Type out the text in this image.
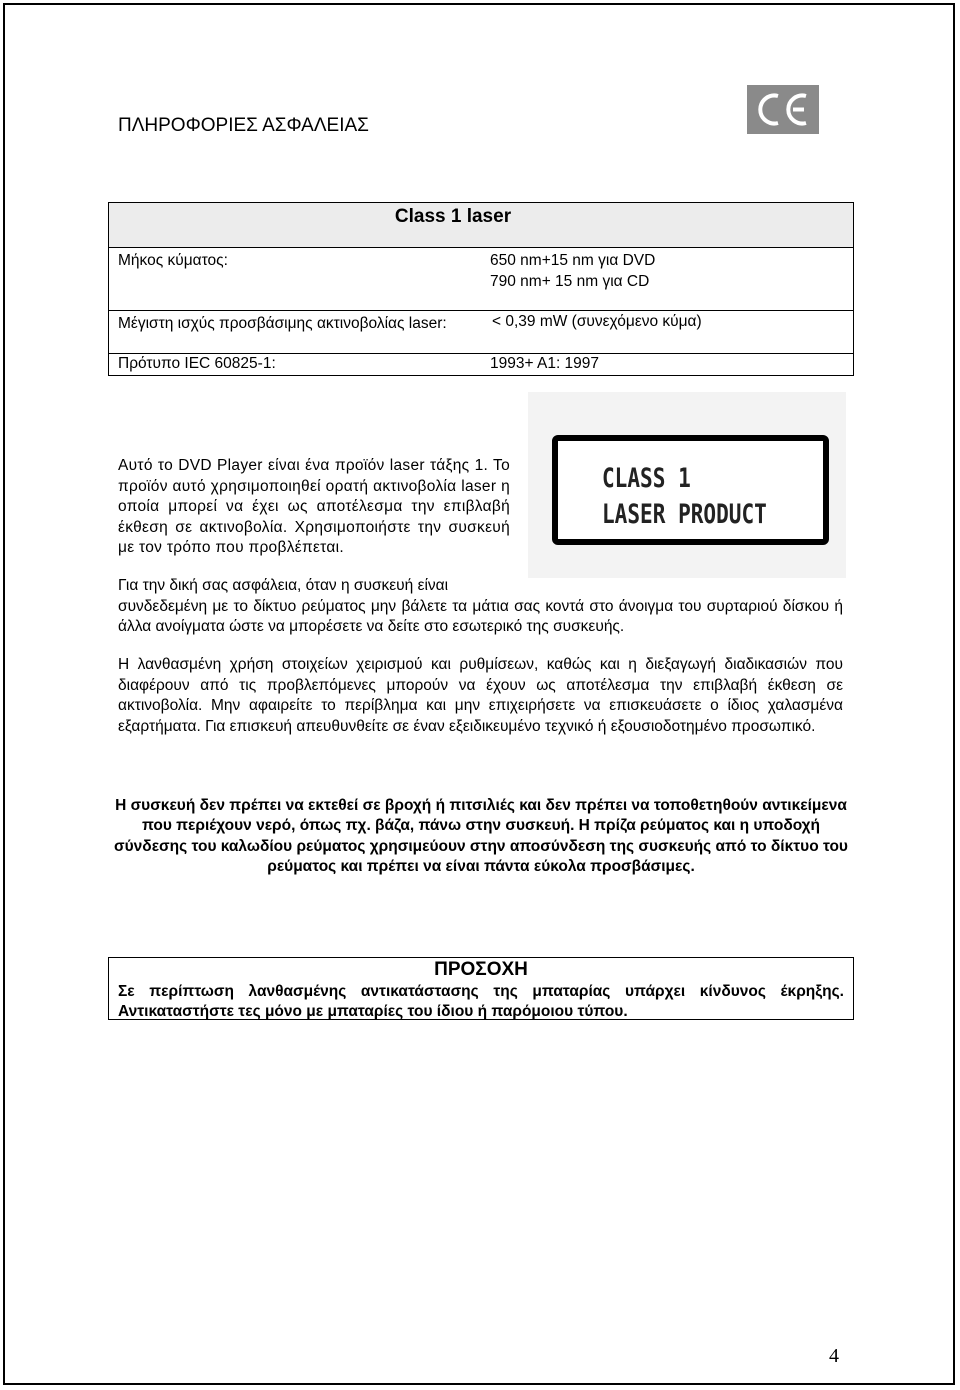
ΠΛΗΡΟΦΟΡΙΕΣ ΑΣΦΑΛΕΙΑΣ
Class 1 laser
Μήκος κύματος:	650 nm+15 nm για DVD
790 nm+ 15 nm για CD
Μέγιστη ισχύς προσβάσιμης ακτινοβολίας laser:	< 0,39 mW (συνεχόμενο κύμα)
Πρότυπο IEC 60825-1:	1993+ A1: 1997
CLASS 1
LASER PRODUCT

Αυτό το DVD Player είναι ένα προϊόν laser τάξης 1. Το προϊόν αυτό χρησιμοποιηθεί ορατή ακτινοβολία laser η οποία μπορεί να έχει ως αποτέλεσμα την επιβλαβή έκθεση σε ακτινοβολία. Χρησιμοποιήστε την συσκευή με τον τρόπο που προβλέπεται.

Για την δική σας ασφάλεια, όταν η συσκευή είναι
συνδεδεμένη με το δίκτυο ρεύματος μην βάλετε τα μάτια σας κοντά στο άνοιγμα του συρταριού δίσκου ή άλλα ανοίγματα ώστε να μπορέσετε να δείτε στο εσωτερικό της συσκευής.

Η λανθασμένη χρήση στοιχείων χειρισμού και ρυθμίσεων, καθώς και η διεξαγωγή διαδικασιών που διαφέρουν από τις προβλεπόμενες μπορούν να έχουν ως αποτέλεσμα την επιβλαβή έκθεση σε ακτινοβολία. Μην αφαιρείτε το περίβλημα και μην επιχειρήσετε να επισκευάσετε ο ίδιος χαλασμένα εξαρτήματα. Για επισκευή απευθυνθείτε σε έναν εξειδικευμένο τεχνικό ή εξουσιοδοτημένο προσωπικό.

Η συσκευή δεν πρέπει να εκτεθεί σε βροχή ή πιτσιλιές και δεν πρέπει να τοποθετηθούν αντικείμενα που περιέχουν νερό, όπως πχ. βάζα, πάνω στην συσκευή. Η πρίζα ρεύματος και η υποδοχή σύνδεσης του καλωδίου ρεύματος χρησιμεύουν στην αποσύνδεση της συσκευής από το δίκτυο του ρεύματος και πρέπει να είναι πάντα εύκολα προσβάσιμες.

ΠΡΟΣΟΧΗ

Σε περίπτωση λανθασμένης αντικατάστασης της μπαταρίας υπάρχει κίνδυνος έκρηξης. Αντικαταστήστε τες μόνο με μπαταρίες του ίδιου ή παρόμοιου τύπου.

4
